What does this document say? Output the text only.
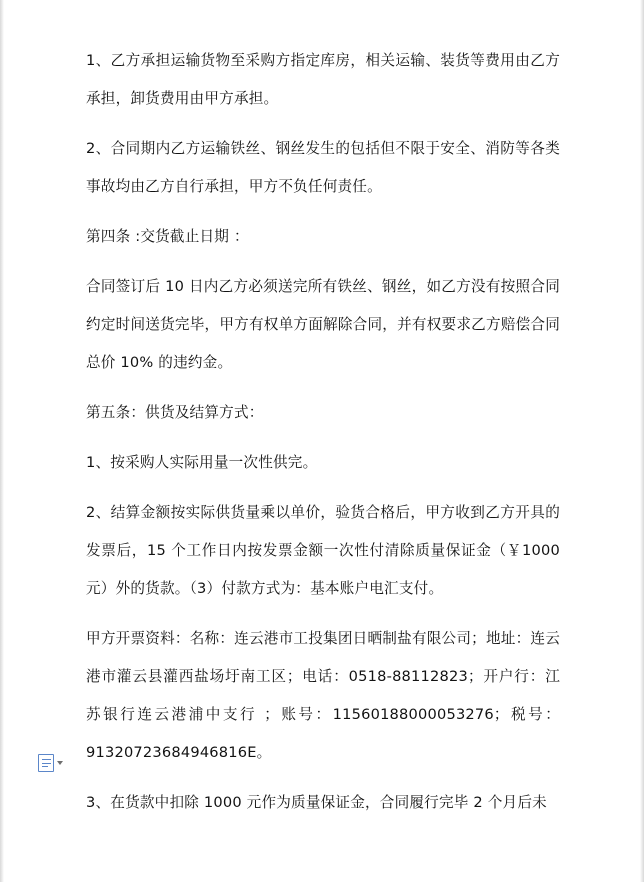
1、乙方承担运输货物至采购方指定库房，相关运输、装货等费用由乙方承担，卸货费用由甲方承担。

2、合同期内乙方运输铁丝、钢丝发生的包括但不限于安全、消防等各类事故均由乙方自行承担，甲方不负任何责任。

第四条 :交货截止日期 ：

合同签订后 10 日内乙方必须送完所有铁丝、钢丝，如乙方没有按照合同约定时间送货完毕，甲方有权单方面解除合同，并有权要求乙方赔偿合同总价 10% 的违约金。

第五条：供货及结算方式：

1、按采购人实际用量一次性供完。

2、结算金额按实际供货量乘以单价，验货合格后，甲方收到乙方开具的发票后，15 个工作日内按发票金额一次性付清除质量保证金（￥1000 元）外的货款。（3）付款方式为：基本账户电汇支付。

甲方开票资料：名称：连云港市工投集团日晒制盐有限公司；地址：连云港市灌云县灌西盐场圩南工区；电话：0518-88112823；开户行：江苏银行连云港浦中支行 ；账号：11560188000053276；税号：91320723684946816E。

3、在货款中扣除 1000 元作为质量保证金，合同履行完毕 2 个月后未
